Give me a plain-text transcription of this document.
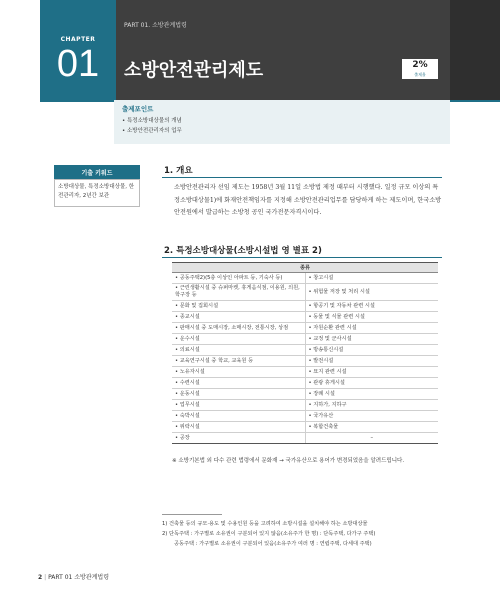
CHAPTER
01
PART 01. 소방관계법령
소방안전관리제도	2%
출제율
출제포인트
• 특정소방대상물의 개념
• 소방안전관리자의 업무
기출 키워드
소방대상물, 특정소방대상물, 한전관리자, 2년간 보관
1. 개요
소방안전관리자 선임 제도는 1958년 3월 11일 소방법 제정 때부터 시행했다. 일정 규모 이상의 특정소방대상물1)에 화재안전책임자를 지정해 소방안전관리업무를 담당하게 하는 제도이며, 한국소방안전원에서 발급하는 소방청 공인 국가전문자격시이다.
2. 특정소방대상물(소방시설법 영 별표 2)
종류	
• 공동주택2)(5층 이상인 아파트 등, 기숙사 등)	• 창고시설
• 근린생활시설 중 슈퍼마켓, 휴게음식점, 이용원, 의원, 학구장 등	• 위험물 저장 및 처리 시설
• 문화 및 집회시설	• 항공기 및 자동차 관련 시설
• 종교시설	• 동물 및 식물 관련 시설
• 판매시설 중 도매시장, 소매시장, 전통시장, 상점	• 자원순환 관련 시설
• 운수시설	• 교정 및 군사시설
• 의료시설	• 방송통신시설
• 교육연구시설 중 학교, 교육원 등	• 발전시설
• 노유자시설	• 묘지 관련 시설
• 수련시설	• 관광 휴게시설
• 운동시설	• 장례 시설
• 업무시설	• 지하가, 지하구
• 숙박시설	• 국가유산
• 위락시설	• 복합건축물
• 공장	–
※ 소방기본법 외 다수 관련 법령에서 문화재 → 국가유산으로 용어가 변경되었음을 알려드립니다.
1) 건축물 등의 규모·용도 및 수용인원 등을 고려하여 소방시설을 설치해야 하는 소방대상물
2) 단독주택 : 가구별로 소유권이 구분되어 있지 않음(소유주가 한 명) : 단독주택, 다가구 주택)
공동주택 : 가구별로 소유권이 구분되어 있음(소유주가 여러 명 : 연립주택, 다세대 주택)
2 | PART 01 소방관계법령
